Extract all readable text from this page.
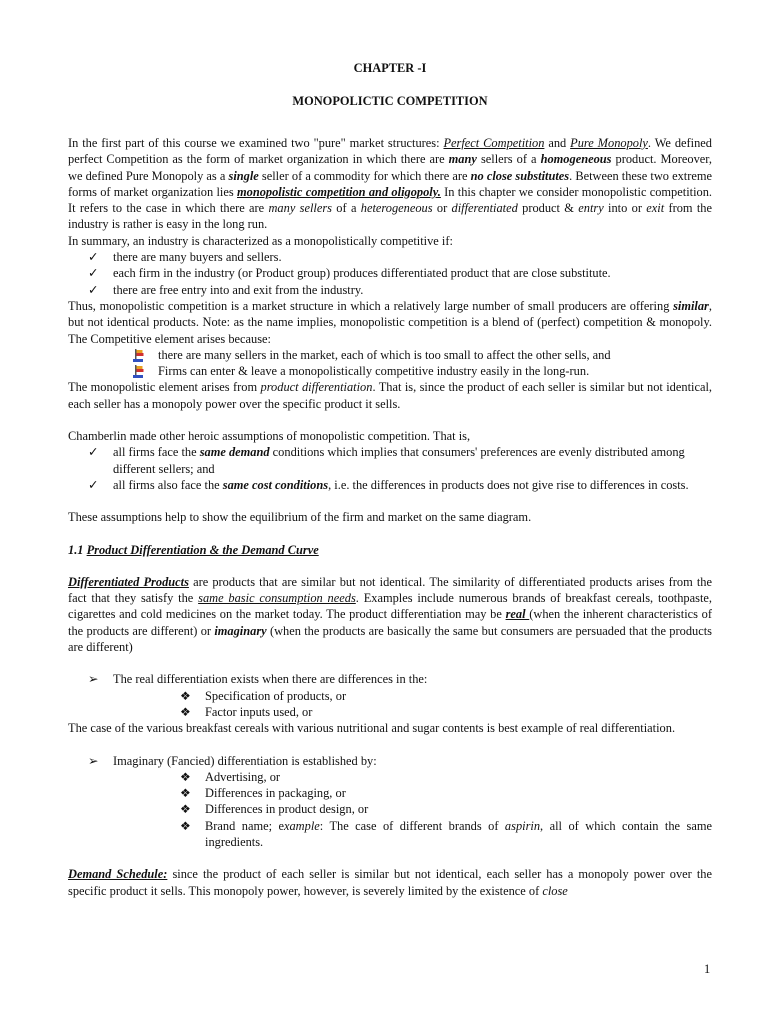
CHAPTER -I
MONOPOLICTIC COMPETITION

In the first part of this course we examined two "pure" market structures: Perfect Competition and Pure Monopoly. We defined perfect Competition as the form of market organization in which there are many sellers of a homogeneous product. Moreover, we defined Pure Monopoly as a single seller of a commodity for which there are no close substitutes. Between these two extreme forms of market organization lies monopolistic competition and oligopoly. In this chapter we consider monopolistic competition. It refers to the case in which there are many sellers of a heterogeneous or differentiated product & entry into or exit from the industry is rather is easy in the long run.

In summary, an industry is characterized as a monopolistically competitive if:

✓ there are many buyers and sellers.
✓ each firm in the industry (or Product group) produces differentiated product that are close substitute.
✓ there are free entry into and exit from the industry.

Thus, monopolistic competition is a market structure in which a relatively large number of small producers are offering similar, but not identical products. Note: as the name implies, monopolistic competition is a blend of (perfect) competition & monopoly. The Competitive element arises because:

there are many sellers in the market, each of which is too small to affect the other sells, and
Firms can enter & leave a monopolistically competitive industry easily in the long-run.

The monopolistic element arises from product differentiation. That is, since the product of each seller is similar but not identical, each seller has a monopoly power over the specific product it sells.

Chamberlin made other heroic assumptions of monopolistic competition. That is,

✓ all firms face the same demand conditions which implies that consumers' preferences are evenly distributed among different sellers; and
✓ all firms also face the same cost conditions, i.e. the differences in products does not give rise to differences in costs.

These assumptions help to show the equilibrium of the firm and market on the same diagram.

1.1 Product Differentiation & the Demand Curve

Differentiated Products are products that are similar but not identical. The similarity of differentiated products arises from the fact that they satisfy the same basic consumption needs. Examples include numerous brands of breakfast cereals, toothpaste, cigarettes and cold medicines on the market today. The product differentiation may be real (when the inherent characteristics of the products are different) or imaginary (when the products are basically the same but consumers are persuaded that the products are different)

➢ The real differentiation exists when there are differences in the:
❖ Specification of products, or
❖ Factor inputs used, or

The case of the various breakfast cereals with various nutritional and sugar contents is best example of real differentiation.

➢ Imaginary (Fancied) differentiation is established by:
❖ Advertising, or
❖ Differences in packaging, or
❖ Differences in product design, or
❖ Brand name; example: The case of different brands of aspirin, all of which contain the same ingredients.

Demand Schedule: since the product of each seller is similar but not identical, each seller has a monopoly power over the specific product it sells. This monopoly power, however, is severely limited by the existence of close

1
